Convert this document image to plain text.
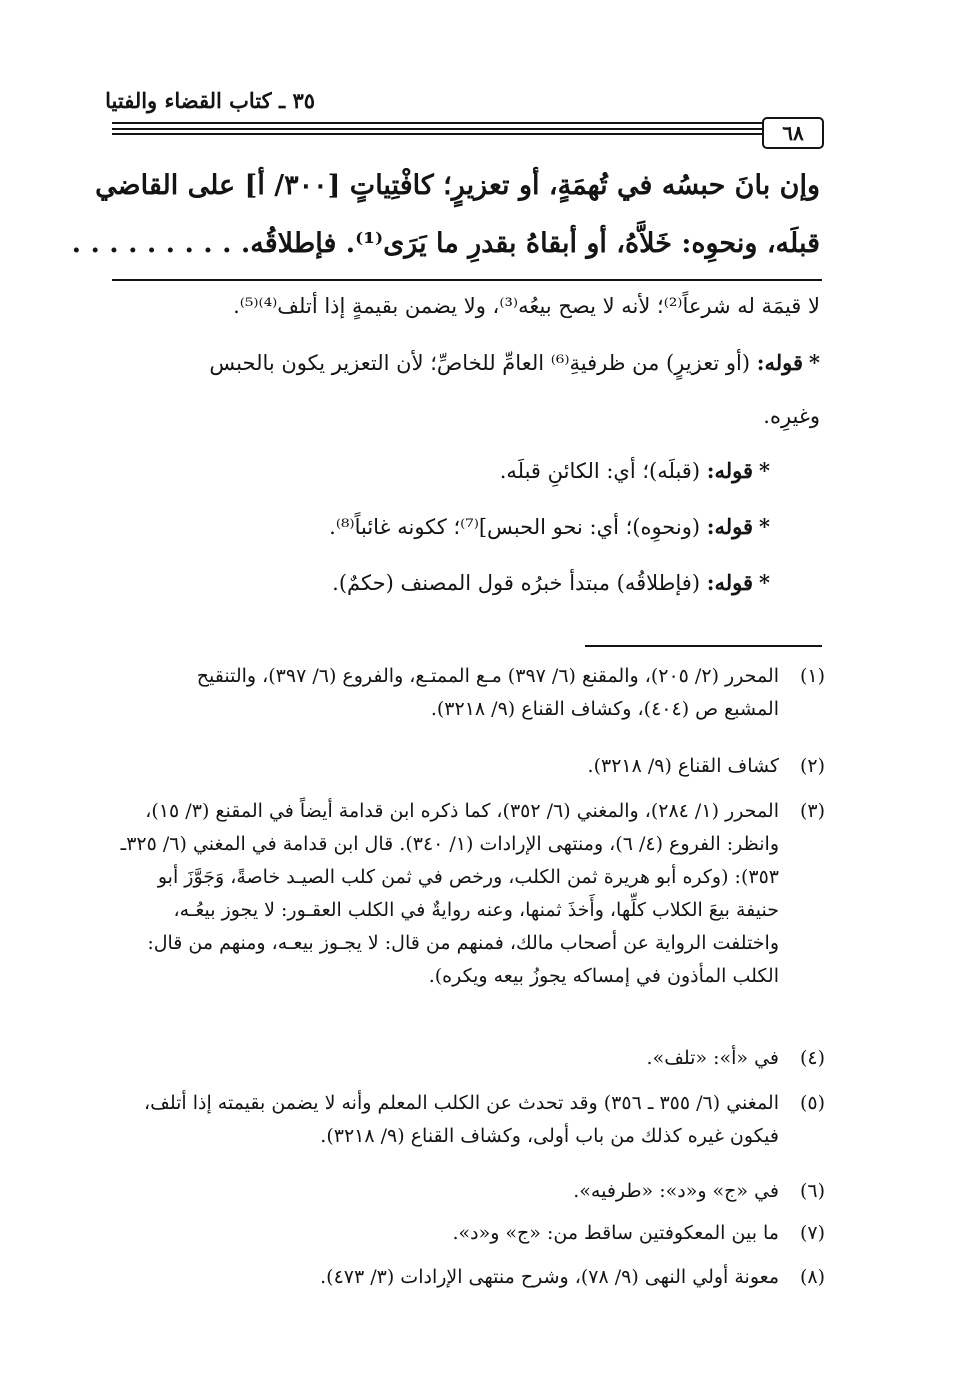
٣٥ ـ كتاب القضاء والفتيا
٦٨
وإن بانَ حبسُه في تُهمَةٍ، أو تعزيرٍ؛ كافْتِياتٍ [٣٠٠/ أ] على القاضي
قبلَه، ونحوِه: خَلاَّهُ، أو أبقاهُ بقدرِ ما يَرَى⁽¹⁾. فإطلاقُه. . . . . . . . . .
لا قيمَة له شرعاً⁽²⁾؛ لأنه لا يصح بيعُه⁽³⁾، ولا يضمن بقيمةٍ إذا أتلف⁽⁴⁾⁽⁵⁾.
*قوله: (أو تعزيرٍ) من ظرفيةِ⁽⁶⁾ العامِّ للخاصِّ؛ لأن التعزير يكون بالحبس
وغيرِه.
*قوله: (قبلَه)؛ أي: الكائنِ قبلَه.
*قوله: (ونحوِه)؛ أي: نحو الحبس]⁽⁷⁾؛ ككونه غائباً⁽⁸⁾.
*قوله: (فإطلاقُه) مبتدأ خبرُه قول المصنف (حكمٌ).
(١)
المحرر (٢/ ٢٠٥)، والمقنع (٦/ ٣٩٧) مـع الممتـع، والفروع (٦/ ٣٩٧)، والتنقيح
المشبع ص (٤٠٤)، وكشاف القناع (٩/ ٣٢١٨).
(٢)
كشاف القناع (٩/ ٣٢١٨).
(٣)
المحرر (١/ ٢٨٤)، والمغني (٦/ ٣٥٢)، كما ذكره ابن قدامة أيضاً في المقنع (٣/ ١٥)،
وانظر: الفروع (٤/ ٦)، ومنتهى الإرادات (١/ ٣٤٠). قال ابن قدامة في المغني (٦/ ٣٢٥ـ
٣٥٣): (وكره أبو هريرة ثمن الكلب، ورخص في ثمن كلب الصيـد خاصةً، وَجَوَّزَ أبو
حنيفة بيعَ الكلاب كلِّها، وأَخذَ ثمنها، وعنه روايةٌ في الكلب العقـور: لا يجوز بيعُـه،
واختلفت الرواية عن أصحاب مالك، فمنهم من قال: لا يجـوز بيعـه، ومنهم من قال:
الكلب المأذون في إمساكه يجوزُ بيعه ويكره).
(٤)
في «أ»: «تلف».
(٥)
المغني (٦/ ٣٥٥ ـ ٣٥٦) وقد تحدث عن الكلب المعلم وأنه لا يضمن بقيمته إذا أتلف،
فيكون غيره كذلك من باب أولى، وكشاف القناع (٩/ ٣٢١٨).
(٦)
في «ج» و«د»: «طرفيه».
(٧)
ما بين المعكوفتين ساقط من: «ج» و«د».
(٨)
معونة أولي النهى (٩/ ٧٨)، وشرح منتهى الإرادات (٣/ ٤٧٣).
